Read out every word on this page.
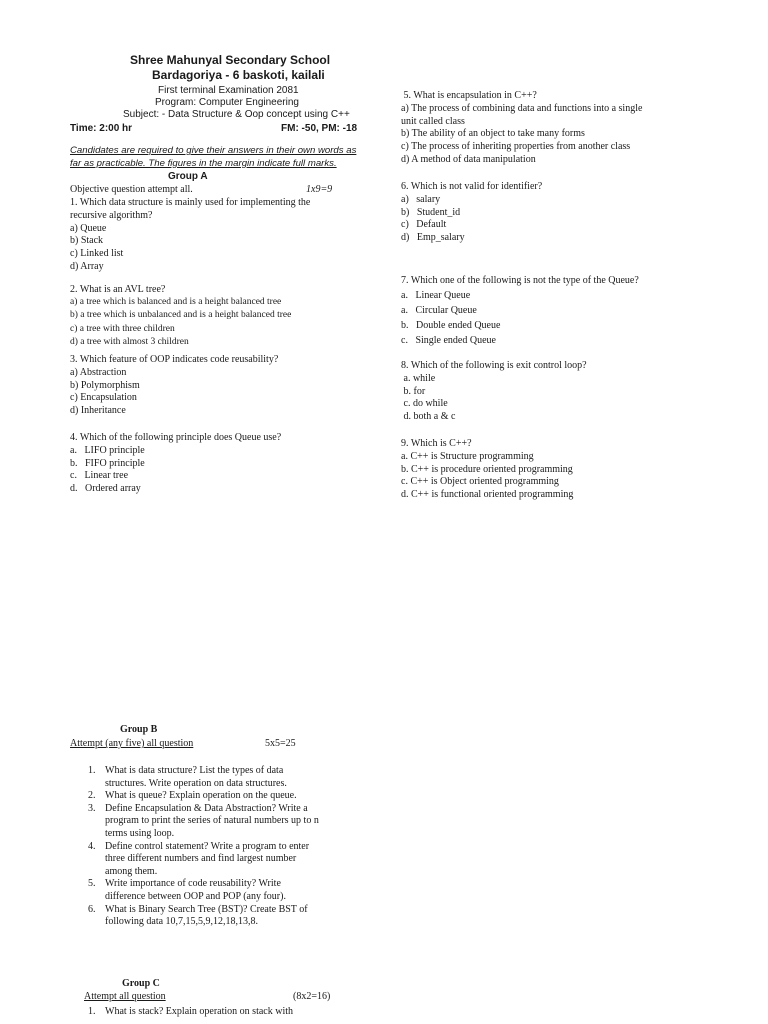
Shree Mahunyal Secondary School
Bardagoriya - 6 baskoti, kailali
First terminal Examination 2081
Program: Computer Engineering
Subject: - Data Structure & Oop concept using C++
Time: 2:00 hr	FM: -50, PM: -18
Candidates are required to give their answers in their own words as
far as practicable. The figures in the margin indicate full marks.
Group A
Objective question attempt all.	1x9=9
1. Which data structure is mainly used for implementing the
recursive algorithm?
a) Queue
b) Stack
c) Linked list
d) Array
2. What is an AVL tree?
a) a tree which is balanced and is a height balanced tree
b) a tree which is unbalanced and is a height balanced tree
c) a tree with three children
d) a tree with almost 3 children
3. Which feature of OOP indicates code reusability?
a) Abstraction
b) Polymorphism
c) Encapsulation
d) Inheritance
4. Which of the following principle does Queue use?
a.   LIFO principle
b.   FIFO principle
c.   Linear tree
d.   Ordered array
5. What is encapsulation in C++?
a) The process of combining data and functions into a single
unit called class
b) The ability of an object to take many forms
c) The process of inheriting properties from another class
d) A method of data manipulation
6. Which is not valid for identifier?
a)   salary
b)   Student_id
c)   Default
d)   Emp_salary
7. Which one of the following is not the type of the Queue?
a.   Linear Queue
a.   Circular Queue
b.   Double ended Queue
c.   Single ended Queue
8. Which of the following is exit control loop?
a. while
b. for
c. do while
d. both a & c
9. Which is C++?
a. C++ is Structure programming
b. C++ is procedure oriented programming
c. C++ is Object oriented programming
d. C++ is functional oriented programming
Group B
Attempt (any five) all question	5x5=25
1. What is data structure? List the types of data
structures. Write operation on data structures.
2. What is queue? Explain operation on the queue.
3. Define Encapsulation & Data Abstraction? Write a
program to print the series of natural numbers up to n
terms using loop.
4. Define control statement? Write a program to enter
three different numbers and find largest number
among them.
5. Write importance of code reusability? Write
difference between OOP and POP (any four).
6. What is Binary Search Tree (BST)? Create BST of
following data 10,7,15,5,9,12,18,13,8.
Group C
Attempt all question	(8x2=16)
1. What is stack? Explain operation on stack with
